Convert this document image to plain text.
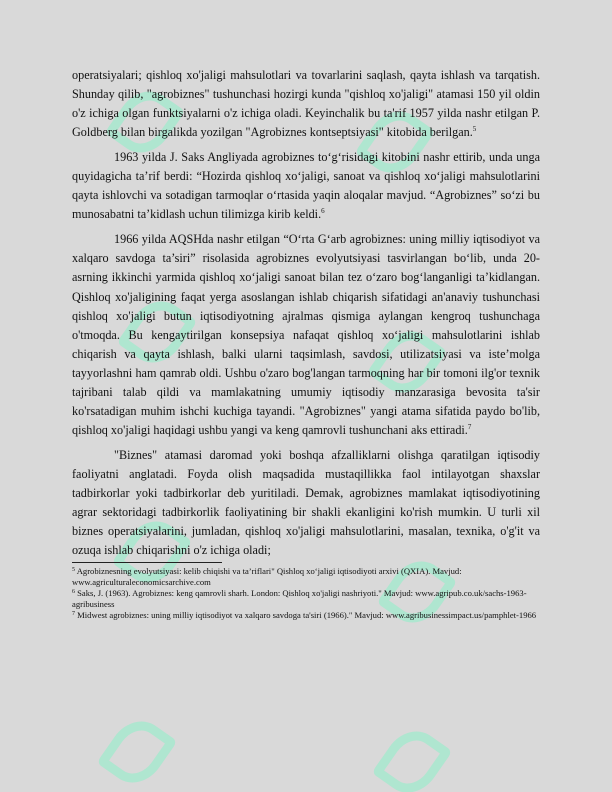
operatsiyalari; qishloq xo'jaligi mahsulotlari va tovarlarini saqlash, qayta ishlash va tarqatish. Shunday qilib, "agrobiznes" tushunchasi hozirgi kunda "qishloq xo'jaligi" atamasi 150 yil oldin o'z ichiga olgan funktsiyalarni o'z ichiga oladi. Keyinchalik bu ta'rif 1957 yilda nashr etilgan P. Goldberg bilan birgalikda yozilgan "Agrobiznes kontseptsiyasi" kitobida berilgan.$^5$

1963 yilda J. Saks Angliyada agrobiznes to‘g‘risidagi kitobini nashr ettirib, unda unga quyidagicha ta’rif berdi: “Hozirda qishloq xo‘jaligi, sanoat va qishloq xo‘jaligi mahsulotlarini qayta ishlovchi va sotadigan tarmoqlar o‘rtasida yaqin aloqalar mavjud. “Agrobiznes” so‘zi bu munosabatni ta’kidlash uchun tilimizga kirib keldi.$^6$

1966 yilda AQSHda nashr etilgan “O‘rta G‘arb agrobiznes: uning milliy iqtisodiyot va xalqaro savdoga ta’siri” risolasida agrobiznes evolyutsiyasi tasvirlangan bo‘lib, unda 20-asrning ikkinchi yarmida qishloq xo‘jaligi sanoat bilan tez o‘zaro bog‘langanligi ta’kidlangan. Qishloq xo'jaligining faqat yerga asoslangan ishlab chiqarish sifatidagi an'anaviy tushunchasi qishloq xo'jaligi butun iqtisodiyotning ajralmas qismiga aylangan kengroq tushunchaga o'tmoqda. Bu kengaytirilgan konsepsiya nafaqat qishloq xo‘jaligi mahsulotlarini ishlab chiqarish va qayta ishlash, balki ularni taqsimlash, savdosi, utilizatsiyasi va iste’molga tayyorlashni ham qamrab oldi. Ushbu o'zaro bog'langan tarmoqning har bir tomoni ilg'or texnik tajribani talab qildi va mamlakatning umumiy iqtisodiy manzarasiga bevosita ta'sir ko'rsatadigan muhim ishchi kuchiga tayandi. "Agrobiznes" yangi atama sifatida paydo bo'lib, qishloq xo'jaligi haqidagi ushbu yangi va keng qamrovli tushunchani aks ettiradi.$^7$

"Biznes" atamasi daromad yoki boshqa afzalliklarni olishga qaratilgan iqtisodiy faoliyatni anglatadi. Foyda olish maqsadida mustaqillikka faol intilayotgan shaxslar tadbirkorlar yoki tadbirkorlar deb yuritiladi. Demak, agrobiznes mamlakat iqtisodiyotining agrar sektoridagi tadbirkorlik faoliyatining bir shakli ekanligini ko'rish mumkin. U turli xil biznes operatsiyalarini, jumladan, qishloq xo'jaligi mahsulotlarini, masalan, texnika, o'g'it va ozuqa ishlab chiqarishni o'z ichiga oladi;

$^5$ Agrobiznesning evolyutsiyasi: kelib chiqishi va ta’riflari" Qishloq xo‘jaligi iqtisodiyoti arxivi (QXIA). Mavjud: www.agriculturaleconomicsarchive.com

$^6$ Saks, J. (1963). Agrobiznes: keng qamrovli sharh. London: Qishloq xo'jaligi nashriyoti." Mavjud: www.agripub.co.uk/sachs-1963-agribusiness

$^7$ Midwest agrobiznes: uning milliy iqtisodiyot va xalqaro savdoga ta'siri (1966)." Mavjud: www.agribusinessimpact.us/pamphlet-1966
